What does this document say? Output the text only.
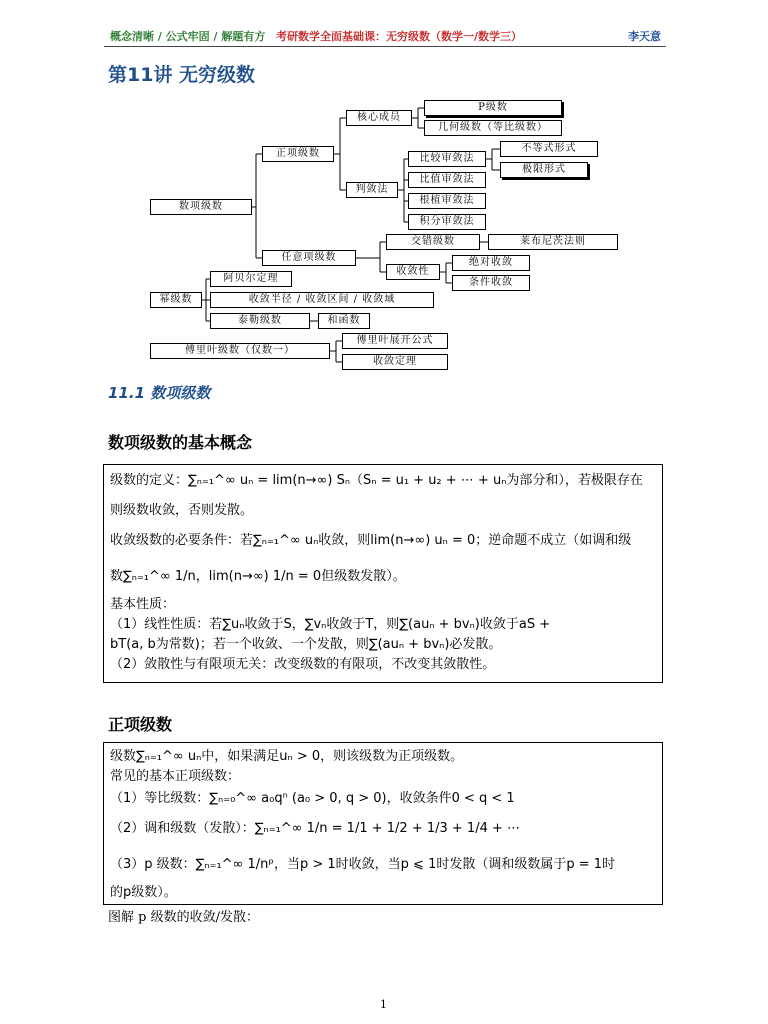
概念清晰 / 公式牢固 / 解题有方 考研数学全面基础课：无穷级数（数学一/数学三）	李天意
第11讲 无穷级数
数项级数
正项级数
核心成员
P级数
几何级数（等比级数）
判敛法
比较审敛法
不等式形式
极限形式
比值审敛法
根植审敛法
积分审敛法
任意项级数
交错级数	莱布尼茨法则
收敛性
绝对收敛
条件收敛
幂级数
阿贝尔定理
收敛半径 / 收敛区间 / 收敛域
泰勒级数	和函数
傅里叶级数（仅数一）
傅里叶展开公式
收敛定理
11.1 数项级数
数项级数的基本概念

级数的定义：∑ₙ₌₁^∞ uₙ = lim(n→∞) Sₙ（Sₙ = u₁ + u₂ + ⋯ + uₙ为部分和），若极限存在

则级数收敛，否则发散。

收敛级数的必要条件：若∑ₙ₌₁^∞ uₙ收敛，则lim(n→∞) uₙ = 0；逆命题不成立（如调和级

数∑ₙ₌₁^∞ 1/n，lim(n→∞) 1/n = 0但级数发散）。

基本性质：

（1）线性性质：若∑uₙ收敛于S，∑vₙ收敛于T，则∑(auₙ + bvₙ)收敛于aS +

bT(a, b为常数)；若一个收敛、一个发散，则∑(auₙ + bvₙ)必发散。

（2）敛散性与有限项无关：改变级数的有限项，不改变其敛散性。

正项级数

级数∑ₙ₌₁^∞ uₙ中，如果满足uₙ > 0，则该级数为正项级数。

常见的基本正项级数：

（1）等比级数：∑ₙ₌₀^∞ a₀qⁿ (a₀ > 0, q > 0)，收敛条件0 < q < 1

（2）调和级数（发散）：∑ₙ₌₁^∞ 1/n = 1/1 + 1/2 + 1/3 + 1/4 + ⋯

（3）p 级数：∑ₙ₌₁^∞ 1/nᵖ，当p > 1时收敛，当p ⩽ 1时发散（调和级数属于p = 1时

的p级数）。

图解 p 级数的收敛/发散：
1
